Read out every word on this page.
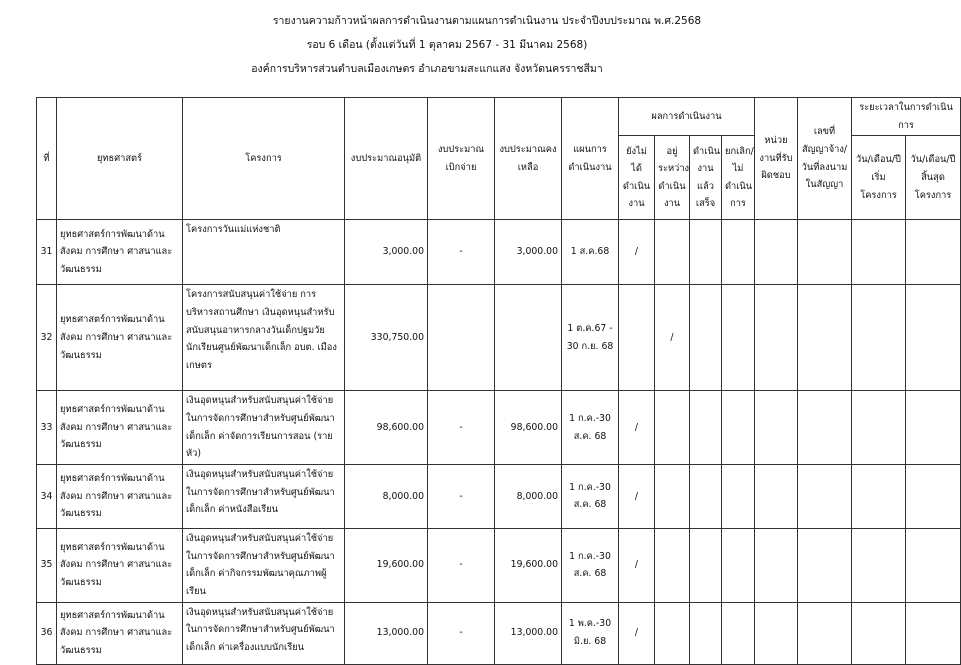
รายงานความก้าวหน้าผลการดำเนินงานตามแผนการดำเนินงาน ประจำปีงบประมาณ พ.ศ.2568
รอบ 6 เดือน (ตั้งแต่วันที่ 1 ตุลาคม 2567 - 31 มีนาคม 2568)
องค์การบริหารส่วนตำบลเมืองเกษตร อำเภอขามสะแกแสง จังหวัดนครราชสีมา
ที่	ยุทธศาสตร์	โครงการ	งบประมาณอนุมัติ	งบประมาณเบิกจ่าย	งบประมาณคงเหลือ	แผนการดำเนินงาน	ผลการดำเนินงาน				หน่วยงานที่รับผิดชอบ	เลขที่สัญญาจ้าง/วันที่ลงนามในสัญญา	ระยะเวลาในการดำเนินการ	
							ยังไม่ได้ดำเนินงาน	อยู่ระหว่างดำเนินงาน	ดำเนินงานแล้วเสร็จ	ยกเลิก/ไม่ดำเนินการ			วัน/เดือน/ปี เริ่มโครงการ	วัน/เดือน/ปี สิ้นสุดโครงการ
31	ยุทธศาสตร์การพัฒนาด้านสังคม การศึกษา ศาสนาและวัฒนธรรม	โครงการวันแม่แห่งชาติ	3,000.00	-	3,000.00	1 ส.ค.68	/							
32	ยุทธศาสตร์การพัฒนาด้านสังคม การศึกษา ศาสนาและวัฒนธรรม	โครงการสนับสนุนค่าใช้จ่าย การบริหารสถานศึกษา เงินอุดหนุนสำหรับสนับสนุนอาหารกลางวันเด็กปฐมวัยนักเรียนศูนย์พัฒนาเด็กเล็ก อบต. เมืองเกษตร	330,750.00			1 ต.ค.67 - 30 ก.ย. 68		/						
33	ยุทธศาสตร์การพัฒนาด้านสังคม การศึกษา ศาสนาและวัฒนธรรม	เงินอุดหนุนสำหรับสนับสนุนค่าใช้จ่ายในการจัดการศึกษาสำหรับศูนย์พัฒนาเด็กเล็ก ค่าจัดการเรียนการสอน (รายหัว)	98,600.00	-	98,600.00	1 ก.ค.-30 ส.ค. 68	/							
34	ยุทธศาสตร์การพัฒนาด้านสังคม การศึกษา ศาสนาและวัฒนธรรม	เงินอุดหนุนสำหรับสนับสนุนค่าใช้จ่ายในการจัดการศึกษาสำหรับศูนย์พัฒนาเด็กเล็ก ค่าหนังสือเรียน	8,000.00	-	8,000.00	1 ก.ค.-30 ส.ค. 68	/							
35	ยุทธศาสตร์การพัฒนาด้านสังคม การศึกษา ศาสนาและวัฒนธรรม	เงินอุดหนุนสำหรับสนับสนุนค่าใช้จ่ายในการจัดการศึกษาสำหรับศูนย์พัฒนาเด็กเล็ก ค่ากิจกรรมพัฒนาคุณภาพผู้เรียน	19,600.00	-	19,600.00	1 ก.ค.-30 ส.ค. 68	/							
36	ยุทธศาสตร์การพัฒนาด้านสังคม การศึกษา ศาสนาและวัฒนธรรม	เงินอุดหนุนสำหรับสนับสนุนค่าใช้จ่ายในการจัดการศึกษาสำหรับศูนย์พัฒนาเด็กเล็ก ค่าเครื่องแบบนักเรียน	13,000.00	-	13,000.00	1 พ.ค.-30 มิ.ย. 68	/							
